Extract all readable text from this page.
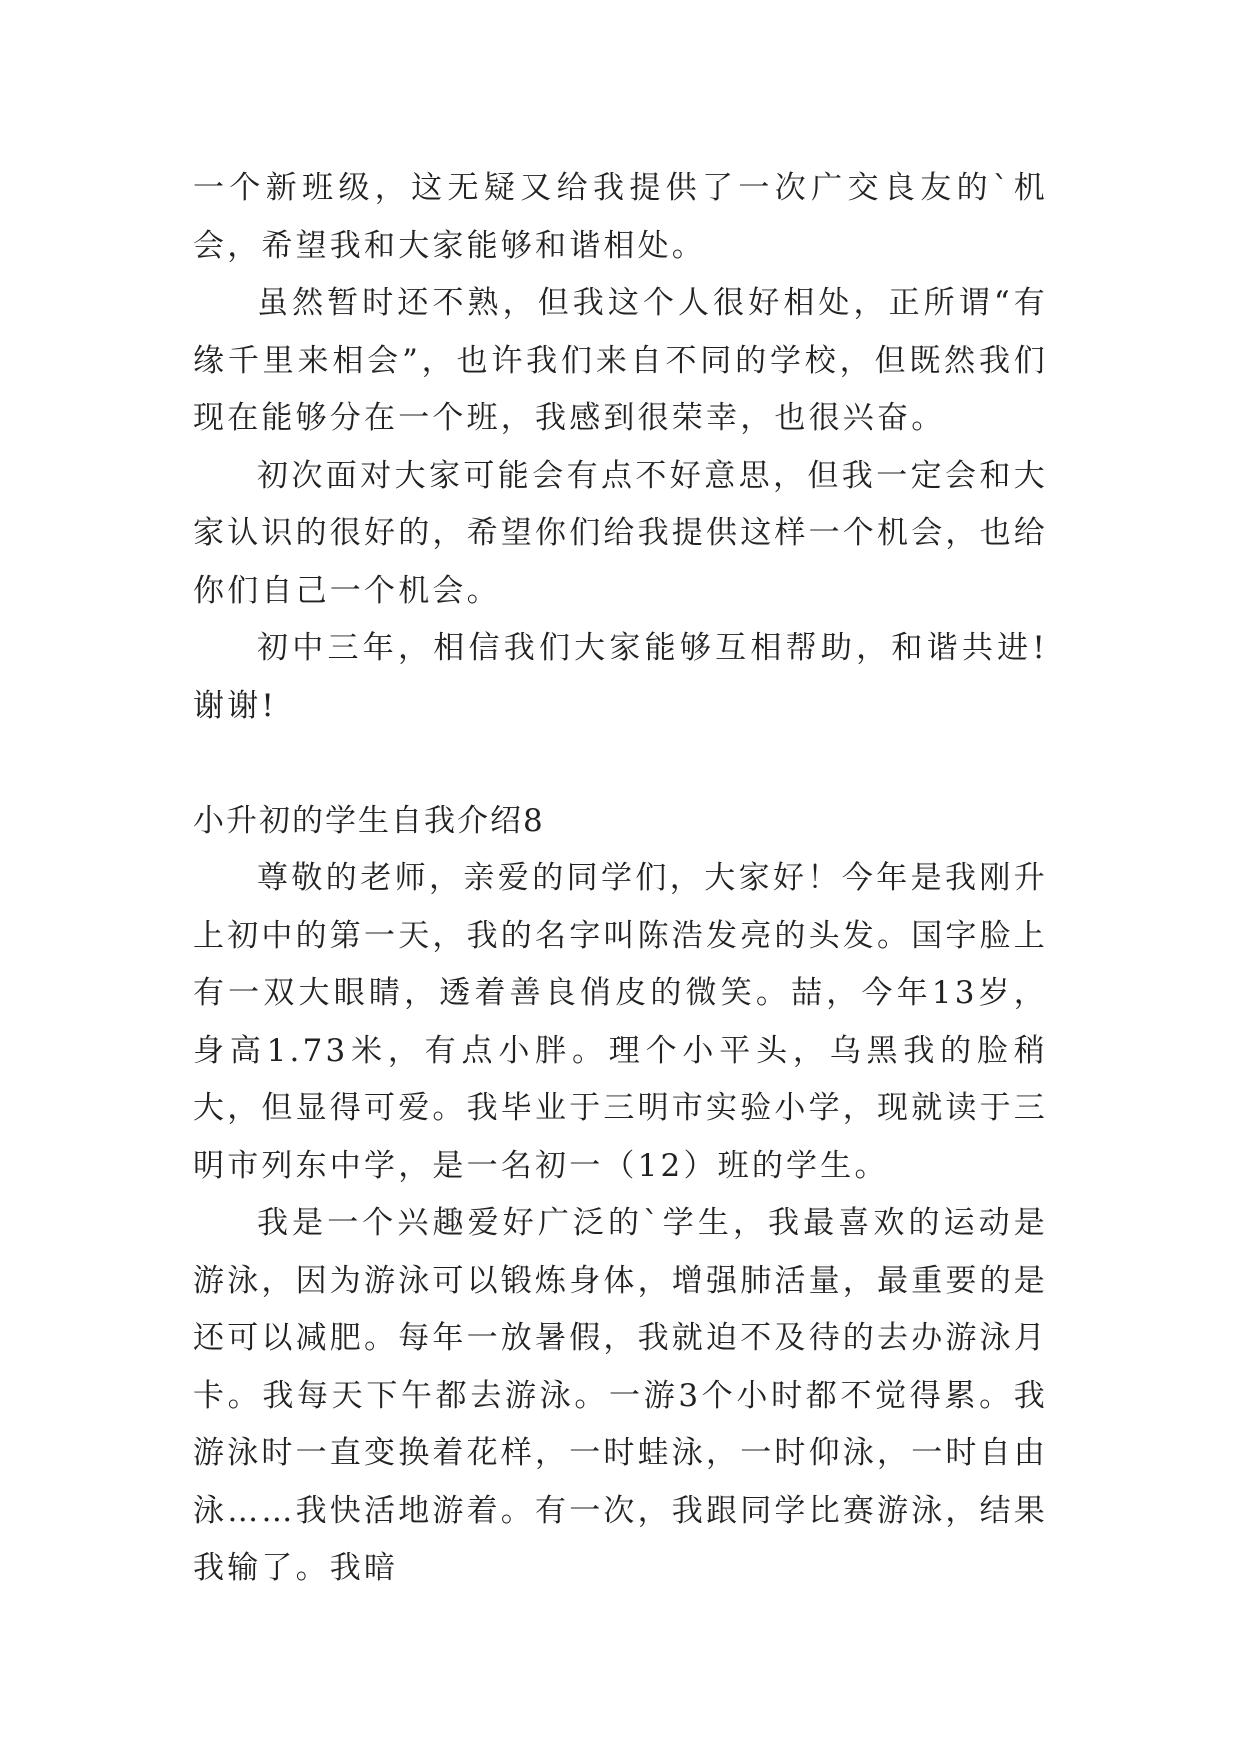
一个新班级，这无疑又给我提供了一次广交良友的`机会，希望我和大家能够和谐相处。

虽然暂时还不熟，但我这个人很好相处，正所谓“有缘千里来相会”，也许我们来自不同的学校，但既然我们现在能够分在一个班，我感到很荣幸，也很兴奋。

初次面对大家可能会有点不好意思，但我一定会和大家认识的很好的，希望你们给我提供这样一个机会，也给你们自己一个机会。

初中三年，相信我们大家能够互相帮助，和谐共进!谢谢!

小升初的学生自我介绍8

尊敬的老师，亲爱的同学们，大家好！今年是我刚升上初中的第一天，我的名字叫陈浩发亮的头发。国字脸上有一双大眼睛，透着善良俏皮的微笑。喆，今年13岁，身高1.73米，有点小胖。理个小平头，乌黑我的脸稍大，但显得可爱。我毕业于三明市实验小学，现就读于三明市列东中学，是一名初一（12）班的学生。

我是一个兴趣爱好广泛的`学生，我最喜欢的运动是游泳，因为游泳可以锻炼身体，增强肺活量，最重要的是还可以减肥。每年一放暑假，我就迫不及待的去办游泳月卡。我每天下午都去游泳。一游3个小时都不觉得累。我游泳时一直变换着花样，一时蛙泳，一时仰泳，一时自由泳……我快活地游着。有一次，我跟同学比赛游泳，结果我输了。我暗
